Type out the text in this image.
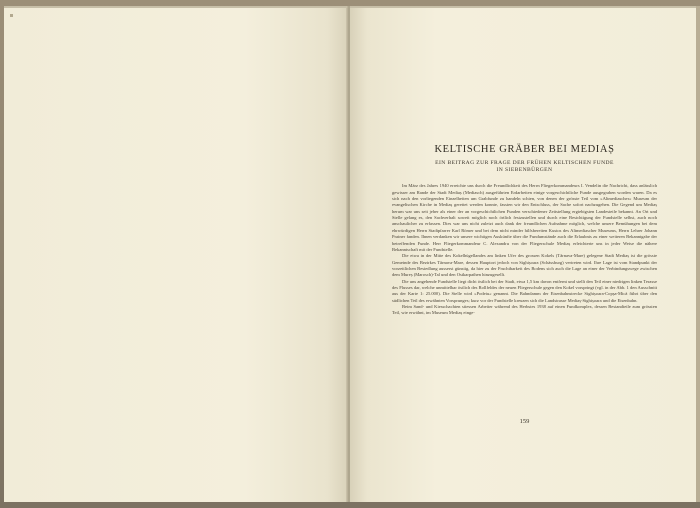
KELTISCHE GRÄBER BEI MEDIAȘ
EIN BEITRAG ZUR FRAGE DER FRÜHEN KELTISCHEN FUNDE
IN SIEBENBÜRGEN

Im März des Jahres 1940 erreichte uns durch die Freundlichkeit des Herrn Fliegerkommandeurs I. Vendelin die Nachricht, dass anlässlich gewisser am Rande der Stadt Mediaș (Mediasch) ausgeführten Erdarbeiten einige vorgeschichtliche Funde ausgegraben worden waren. Da es sich nach den vorliegenden Einzelheiten um Grabfunde zu handeln schien, von denen der grösste Teil vom »Altmediascher« Museum der evangelischen Kirche in Mediaș gerettet werden konnte, fassten wir den Entschluss, der Sache sofort nachzugehen. Die Gegend um Mediaș herum war uns seit jeher als einer der an vorgeschichtlichen Funden verschiedener Zeitstellung ergiebigsten Landesteile bekannt. An Ort und Stelle gelang es, den Sachverhalt soweit möglich noch örtlich festzustellen und durch eine Besichtigung der Fundstelle selbst, auch noch anschaulicher zu erfassen. Dies war uns nicht zuletzt auch dank der freundlichen Aufnahme möglich, welche unsere Bemühungen bei dem ehrwürdigen Herrn Stadtpfarrer Karl Römer und bei dem nicht minder hilfsbereiten Kustos des Altmediascher Museums, Herrn Lehrer Johann Prainer fanden. Ihnen verdanken wir unsere wichtigen Auskünfte über die Fundumstände auch die Erlaubnis zu einer weiteren Bekanntgabe der betreffenden Funde. Herr Fliegerkommandeur C. Alexandru von der Fliegerschule Mediaș erleichterte uns in jeder Weise die nähere Bekanntschaft mit der Fundstelle.

Die etwa in der Mitte des Kokelhügellandes am linken Ufer des grossen Kokels (Târnava-Mare) gelegene Stadt Mediaș ist die grösste Gemeinde des Bezirkes Târnava-Mare, dessen Hauptort jedoch von Sighișoara (Schässburg) vertreten wird. Ihre Lage ist vom Standpunkt der vorzeitlichen Besiedlung ausserst günstig, da hier zu der Fruchtbarkeit des Bodens sich auch die Lage an einer der Verbindungswege zwischen dem Mureș (Marosch)-Tal und den Ostkarpathen hinzugesellt.

Die uns angehende Fundstelle liegt dicht östlich bei der Stadt, etwa 1,5 km davon entfernt und stellt den Teil einer niedrigen linken Terasse des Flusses dar, welche unmittelbar östlich des Rollfeldes der neuen Fliegerschule gegen den Kokel vorspringt (vgl. in der Abb. 1 den Ausschnitt aus der Karte 1: 25.000). Die Stelle wird »Podeiu« genannt. Die Bahndamm der Eisenbahnstrecke Sighișoara-Copșa-Mică führt über den südlichen Teil des erwähnten Vorsprunges; kurz vor der Fundstelle kreuzen sich die Landstrasse Mediaș-Sighișoara und die Eisenbahn.

Beim Sand- und Kiesschachten stiessen Arbeiter während des Herbstes 1938 auf einen Fundkomplex, dessen Bestandteile zum grössten Teil, wie erwähnt, im Museum Mediaș einge-

159
